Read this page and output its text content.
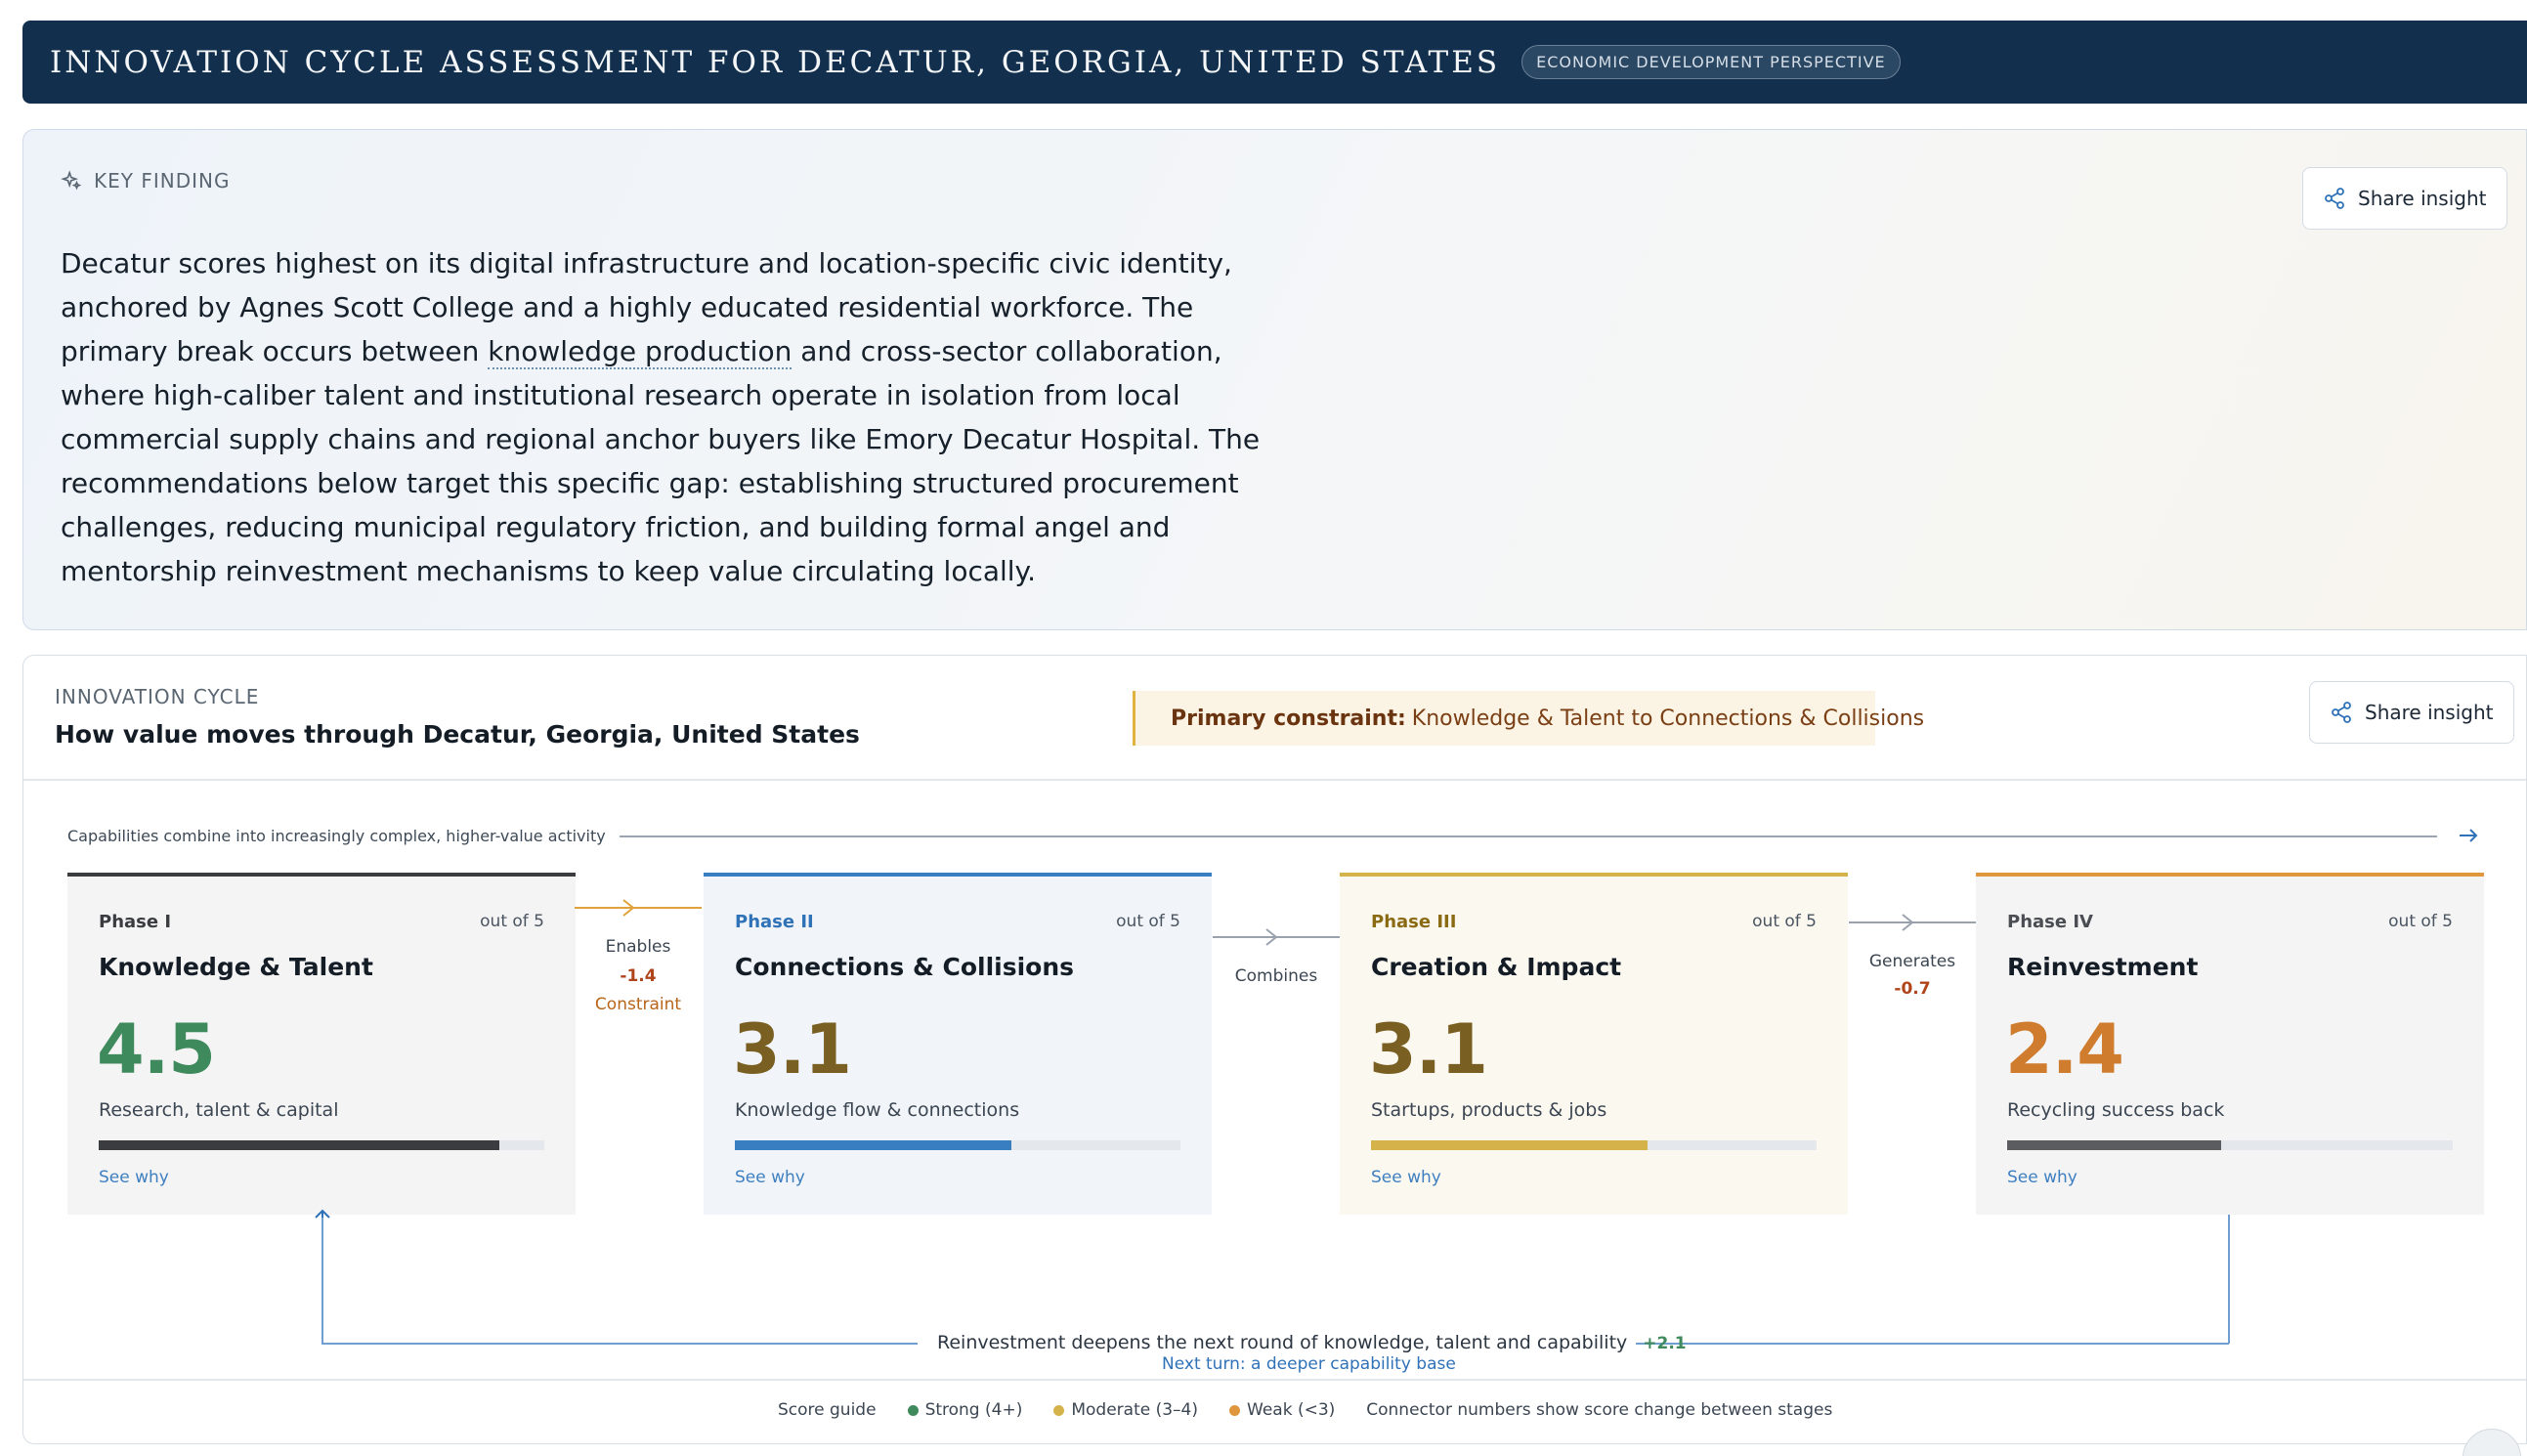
INNOVATION CYCLE ASSESSMENT FOR DECATUR, GEORGIA, UNITED STATES	ECONOMIC DEVELOPMENT PERSPECTIVE
KEY FINDING
Share insight
Decatur scores highest on its digital infrastructure and location-specific civic identity, anchored by Agnes Scott College and a highly educated residential workforce. The primary break occurs between knowledge production and cross-sector collaboration, where high-caliber talent and institutional research operate in isolation from local commercial supply chains and regional anchor buyers like Emory Decatur Hospital. The recommendations below target this specific gap: establishing structured procurement challenges, reducing municipal regulatory friction, and building formal angel and mentorship reinvestment mechanisms to keep value circulating locally.
INNOVATION CYCLE
How value moves through Decatur, Georgia, United States
Primary constraint: Knowledge & Talent to Connections & Collisions	Share insight
Capabilities combine into increasingly complex, higher-value activity
Phase I	out of 5
Knowledge & Talent
4.5
Research, talent & capital
See why
Enables
-1.4
Constraint
Phase II	out of 5
Connections & Collisions
3.1
Knowledge flow & connections
See why
Combines
Phase III	out of 5
Creation & Impact
3.1
Startups, products & jobs
See why
Generates
-0.7
Phase IV	out of 5
Reinvestment
2.4
Recycling success back
See why
Reinvestment deepens the next round of knowledge, talent and capability +2.1
Next turn: a deeper capability base
Score guide	Strong (4+)	Moderate (3–4)	Weak (<3) Connector numbers show score change between stages
